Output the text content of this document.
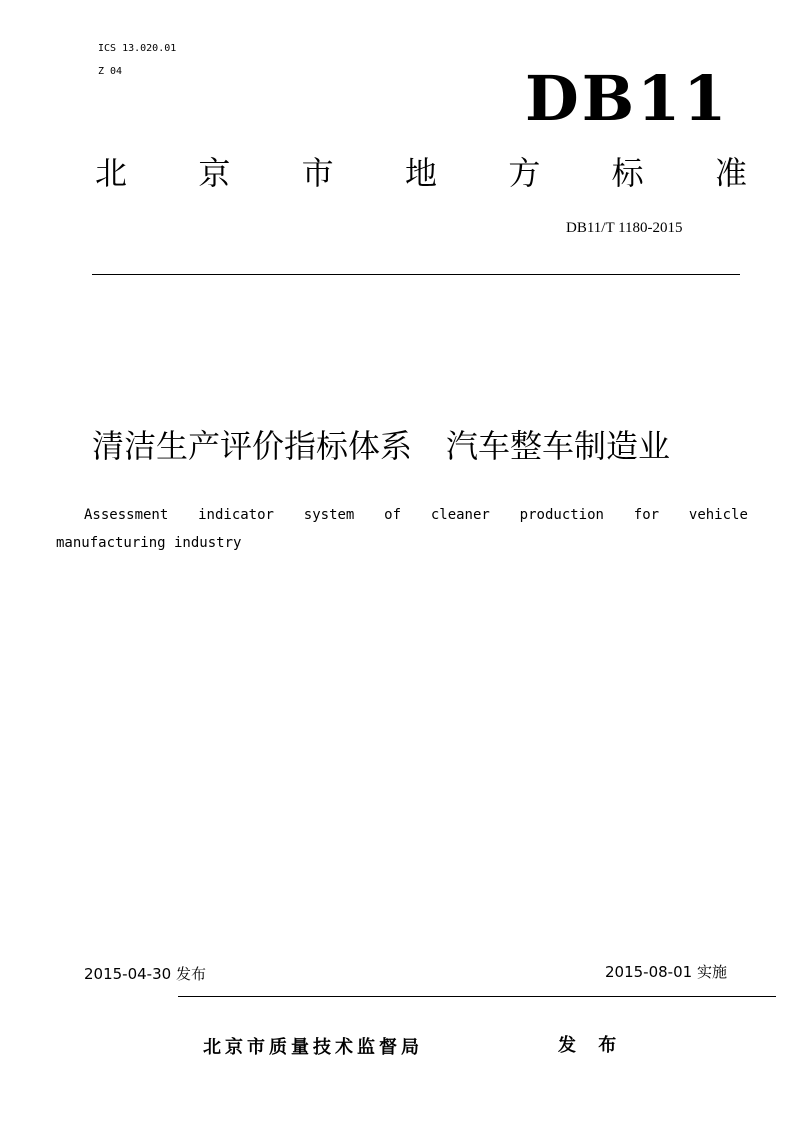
ICS 13.020.01
Z 04	DB11
北 京 市 地 方 标 准
DB11/T 1180-2015
清洁生产评价指标体系 汽车整车制造业
Assessment indicator system of cleaner production for vehicle
manufacturing industry
2015-04-30 发布	2015-08-01 实施
北京市质量技术监督局	发 布
